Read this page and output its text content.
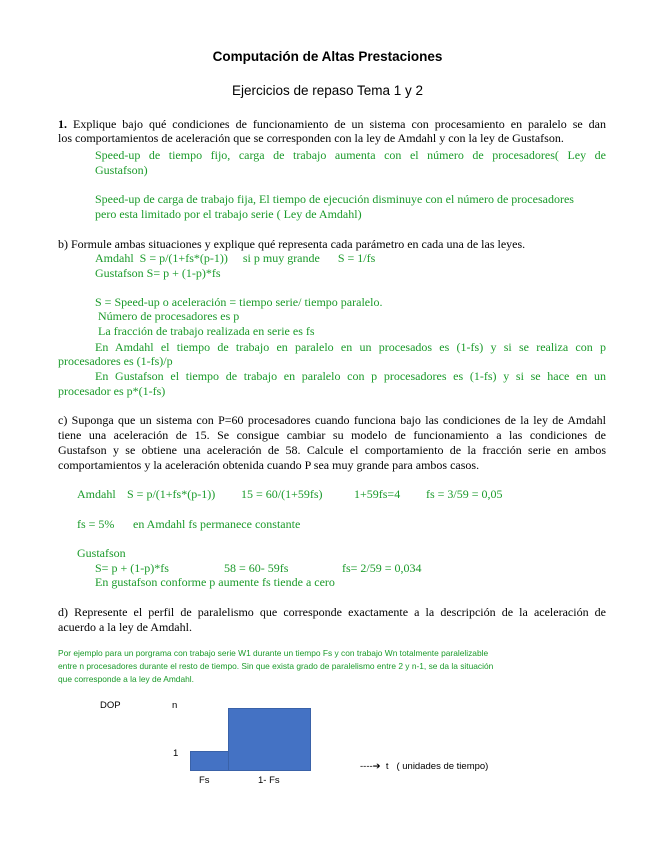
Computación de Altas Prestaciones
Ejercicios de repaso Tema 1 y 2
1. Explique bajo qué condiciones de funcionamiento de un sistema con procesamiento en paralelo se dan
los comportamientos de aceleración que se corresponden con la ley de Amdahl y con la ley de Gustafson.
Speed-up de tiempo fijo, carga de trabajo aumenta con el número de procesadores( Ley de
Gustafson)
Speed-up de carga de trabajo fija, El tiempo de ejecución disminuye con el número de procesadores
pero esta limitado por el trabajo serie ( Ley de Amdahl)
b) Formule ambas situaciones y explique qué representa cada parámetro en cada una de las leyes.
Amdahl  S = p/(1+fs*(p-1))     si p muy grande      S = 1/fs
Gustafson S= p + (1-p)*fs
S = Speed-up o aceleración = tiempo serie/ tiempo paralelo.
Número de procesadores es p
La fracción de trabajo realizada en serie es fs
En Amdahl el tiempo de trabajo en paralelo en un procesados es (1-fs) y si se realiza con p
procesadores es (1-fs)/p
En Gustafson el tiempo de trabajo en paralelo con p procesadores es (1-fs) y si se hace en un
procesador es p*(1-fs)
c) Suponga que un sistema con P=60 procesadores cuando funciona bajo las condiciones de la ley de Amdahl
tiene una aceleración de 15. Se consigue cambiar su modelo de funcionamiento a las condiciones de
Gustafson y se obtiene una aceleración de 58. Calcule el comportamiento de la fracción serie en ambos
comportamientos y la aceleración obtenida cuando P sea muy grande para ambos casos.
Amdahl S = p/(1+fs*(p-1)) 15 = 60/(1+59fs)	1+59fs=4 fs = 3/59 = 0,05
fs = 5% en Amdahl fs permanece constante
Gustafson
S= p + (1-p)*fs	58 = 60- 59fs	fs= 2/59 = 0,034
En gustafson conforme p aumente fs tiende a cero
d) Represente el perfil de paralelismo que corresponde exactamente a la descripción de la aceleración de
acuerdo a la ley de Amdahl.
Por ejemplo para un porgrama con trabajo serie W1 durante un tiempo Fs y con trabajo Wn totalmente paralelizable
entre n procesadores durante el resto de tiempo. Sin que exista grado de paralelismo entre 2 y n-1, se da la situación
que corresponde a la ley de Amdahl.
DOP	n
1
Fs	1- Fs
----➔  t   ( unidades de tiempo)
